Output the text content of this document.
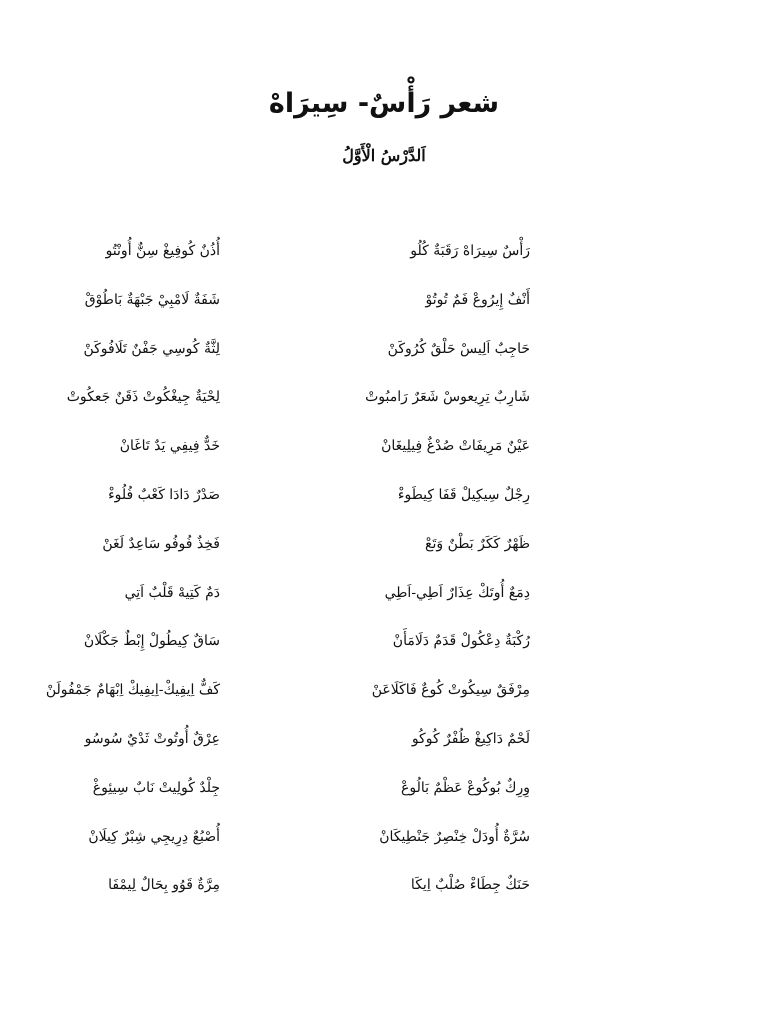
شعر رَأْسٌ- سِيرَاهْ
اَلدَّرْسُ الْأَوَّلُ
رَأْسٌ سِيرَاهْ رَقَبَةٌ كُلُو
أَنْفٌ إِيرُوعْ فَمٌ تُوتُوْ
حَاجِبٌ اَلِيسْ حَلْقٌ كُرُوكَنْ
شَارِبٌ تِرِيعوسْ شَعَرٌ رَامبُوتْ
عَيْنٌ مَرِيفَاتْ صُدْغٌ فِيلِيغَانْ
رِجْلٌ سِيكِيلْ قَفَا كِيطَوءْ
ظَهْرٌ كَكَرٌ بَطْنٌ وَتَعْ
دِمَعٌ أُوتَكْ عِذَارٌ اَطِي-اَطِي
رُكْبَةٌ دِعْكُولْ قَدَمٌ دَلَامَأَنْ
مِرْفَقٌ سِيكُوتْ كُوعٌ فَاكَلَاعَنْ
لَحْمٌ دَاكِيغْ ظُفْرٌ كُوكُو
وِرِكٌ بُوكُوعْ عَظْمٌ بَالُوعْ
سُرَّةٌ أُودَلْ خِنْصِرٌ جَنْطِيكَانْ
حَنَكٌ جِطَاءْ صُلْبٌ اِيكَا
أُذُنٌ كُوفِيغْ سِنٌّ أُونْتُو
شَفَةٌ لَامْبِيْ جَبْهَةٌ بَاطُوْقْ
لِثَّةٌ كُوسِي جَفْنٌ تَلَافُوكَنْ
لِحْيَةٌ جِيغْكُوتْ ذَقَنٌ جَعكُوتْ
خَدٌّ فِيفِي يَدٌ تَاغَانْ
صَدْرٌ دَادَا كَعْبٌ فُلُوءْ
فَخِذٌ فُوفُو سَاعِدٌ لَغَنْ
دَمٌ كَتِيهْ قَلْبٌ اَتِي
سَاقٌ كِيطُولْ إِبْطٌ جَكْلَانْ
كَفٌّ اِيفِيكْ-اِيفِيكْ اِبْهَامٌ جَمْفُولَنْ
عِرْقٌ أُوتُوتْ ثَدْيٌ سُوسُو
جِلْدٌ كُولِيتْ نَابٌ سِيئِوغْ
أُصْبُعٌ دِرِيجِي شِبْرٌ كِيلَانْ
مِرَّةٌ قَوُو بِحَالٌ لِيمْفَا
